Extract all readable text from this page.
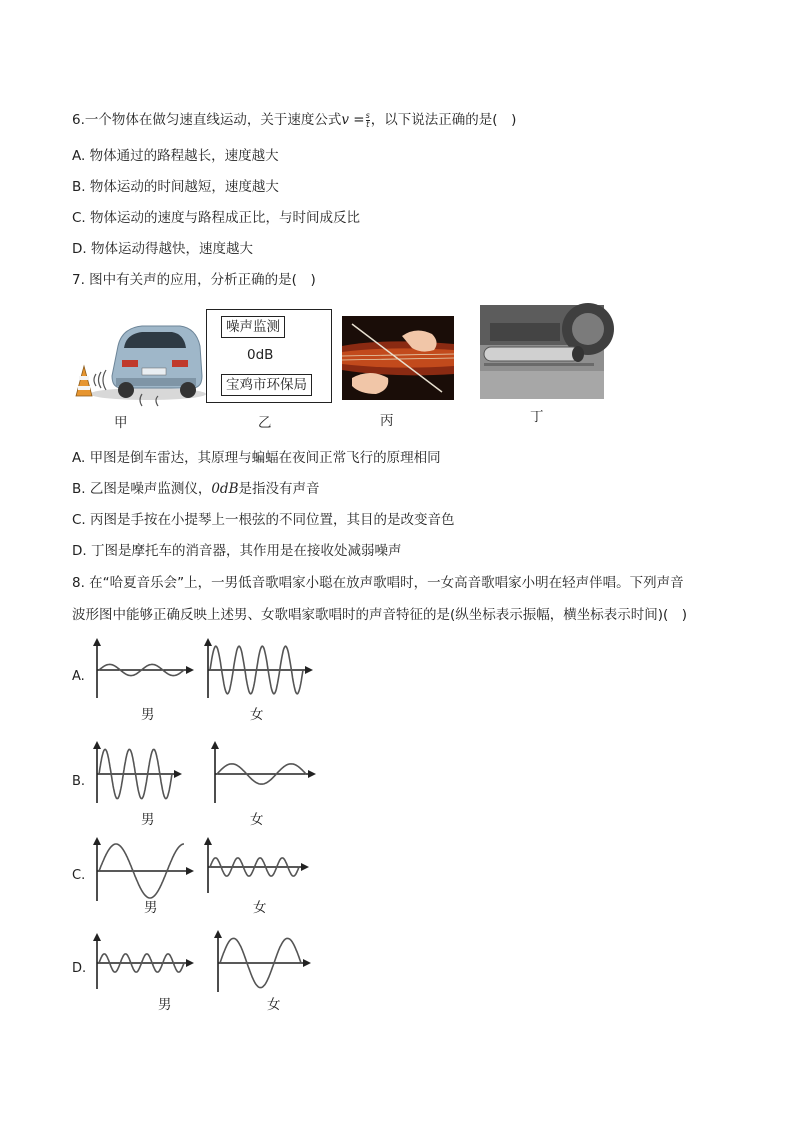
6.一个物体在做匀速直线运动，关于速度公式$v = \frac{s}{t}$ ，以下说法正确的是(　)
A. 物体通过的路程越长，速度越大
B. 物体运动的时间越短，速度越大
C. 物体运动的速度与路程成正比，与时间成反比
D. 物体运动得越快，速度越大
7. 图中有关声的应用，分析正确的是(　)
甲
噪声监测
0dB
宝鸡市环保局
乙	丙	丁
A. 甲图是倒车雷达，其原理与蝙蝠在夜间正常飞行的原理相同
B. 乙图是噪声监测仪，0dB是指没有声音
C. 丙图是手按在小提琴上一根弦的不同位置，其目的是改变音色
D. 丁图是摩托车的消音器，其作用是在接收处减弱噪声
8. 在“哈夏音乐会”上，一男低音歌唱家小聪在放声歌唱时，一女高音歌唱家小明在轻声伴唱。下列声音
波形图中能够正确反映上述男、女歌唱家歌唱时的声音特征的是(纵坐标表示振幅，横坐标表示时间)(　)
A.
男	女
B.
男	女
C.
男	女
D.
男	女
